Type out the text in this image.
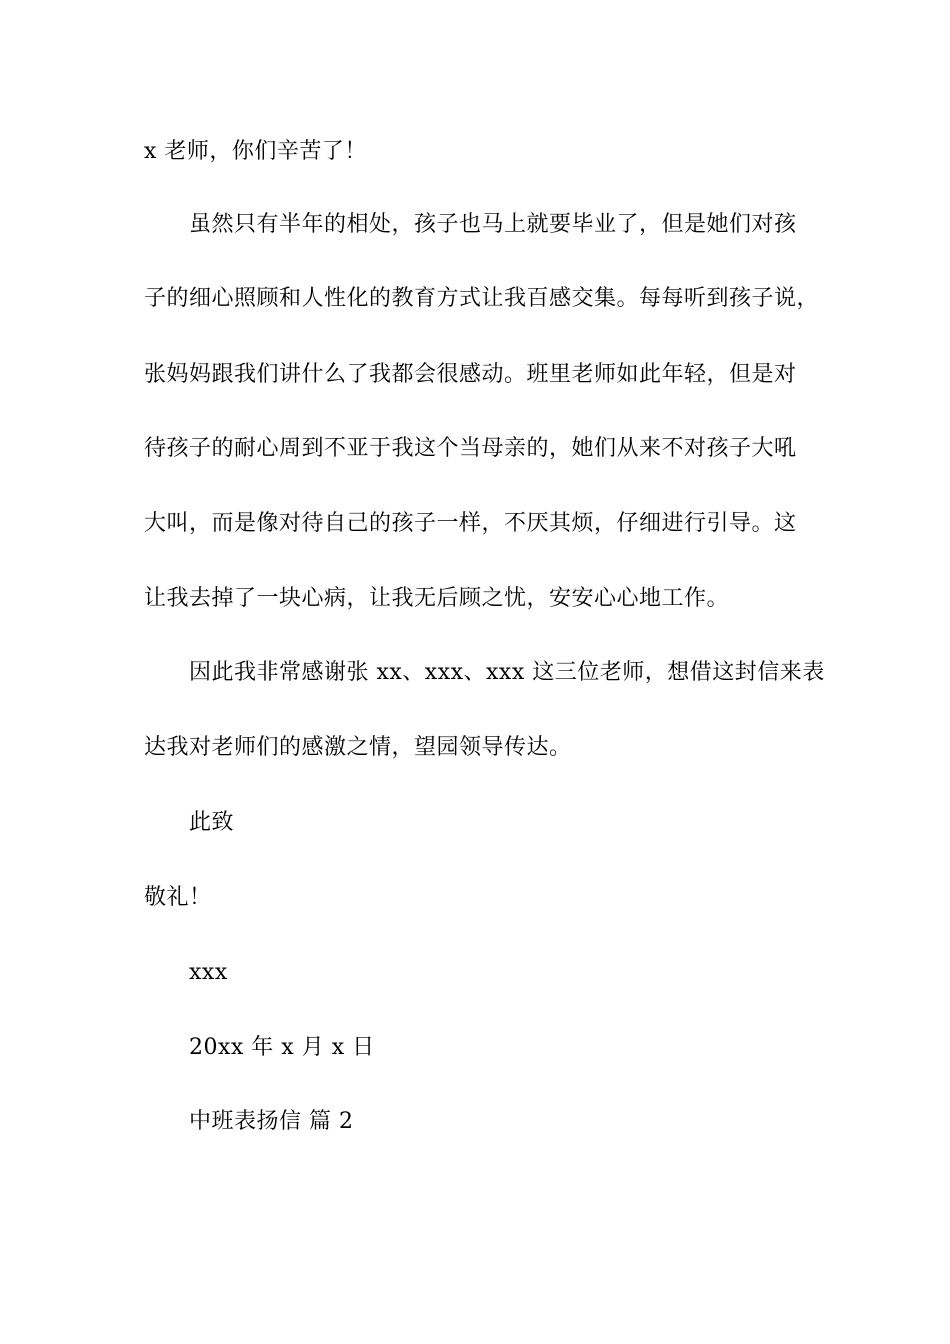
x 老师，你们辛苦了！
虽然只有半年的相处，孩子也马上就要毕业了，但是她们对孩
子的细心照顾和人性化的教育方式让我百感交集。每每听到孩子说，
张妈妈跟我们讲什么了我都会很感动。班里老师如此年轻，但是对
待孩子的耐心周到不亚于我这个当母亲的，她们从来不对孩子大吼
大叫，而是像对待自己的孩子一样，不厌其烦，仔细进行引导。这
让我去掉了一块心病，让我无后顾之忧，安安心心地工作。
因此我非常感谢张 xx、xxx、xxx 这三位老师，想借这封信来表
达我对老师们的感激之情，望园领导传达。
此致
敬礼！
xxx
20xx 年 x 月 x 日
中班表扬信 篇 2
